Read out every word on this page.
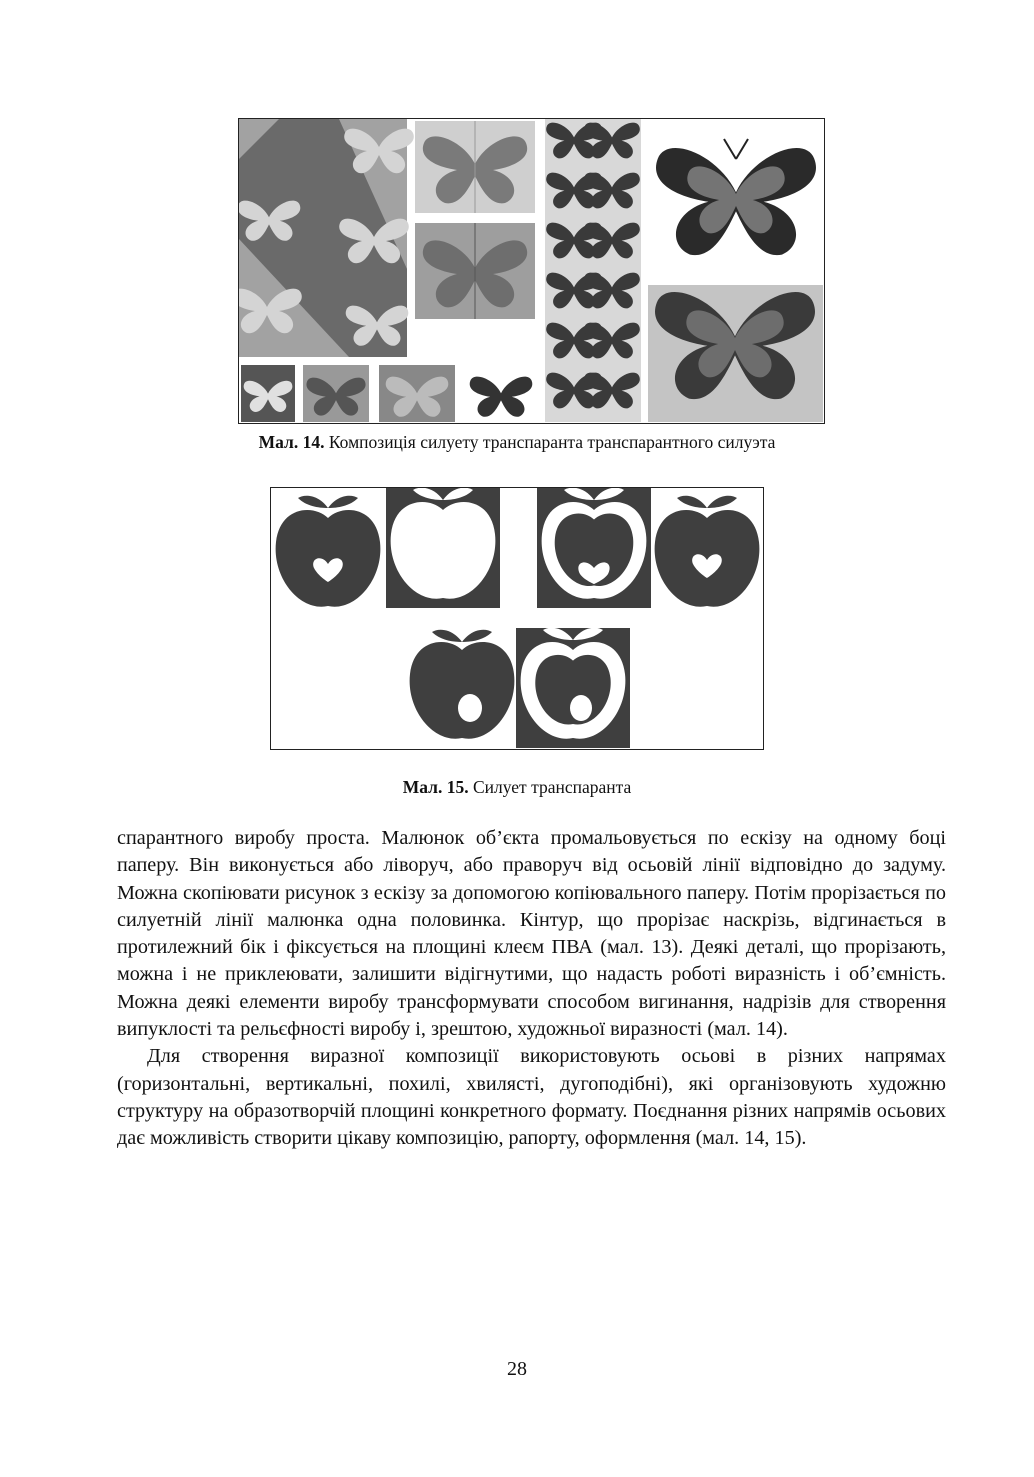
Мал. 14. Композиція силуету транспаранта транспарантного силуэта
Мал. 15. Силует транспаранта

спарантного виробу проста. Малюнок об’єкта промальовується по ескізу на одному боці паперу. Він виконується або ліворуч, або праворуч від осьовій лінії відповідно до задуму. Можна скопіювати рисунок з ескізу за допомогою копіювального паперу. Потім прорізається по силуетній лінії малюнка одна половинка. Кінтур, що прорізає наскрізь, відгинається в протилежний бік і фіксується на площині клеєм ПВА (мал. 13). Деякі деталі, що прорізають, можна і не приклеювати, залишити відігнутими, що надасть роботі виразність і об’ємність. Можна деякі елементи виробу трансформувати способом вигинання, надрізів для створення випуклості та рельєфності виробу і, зрештою, художньої виразності (мал. 14).

Для створення виразної композиції використовують осьові в різних напрямах (горизонтальні, вертикальні, похилі, хвилясті, дугоподібні), які організовують художню структуру на образотворчій площині конкретного формату. Поєднання різних напрямів осьових дає можливість створити цікаву композицію, рапорту, оформлення (мал. 14, 15).

28
